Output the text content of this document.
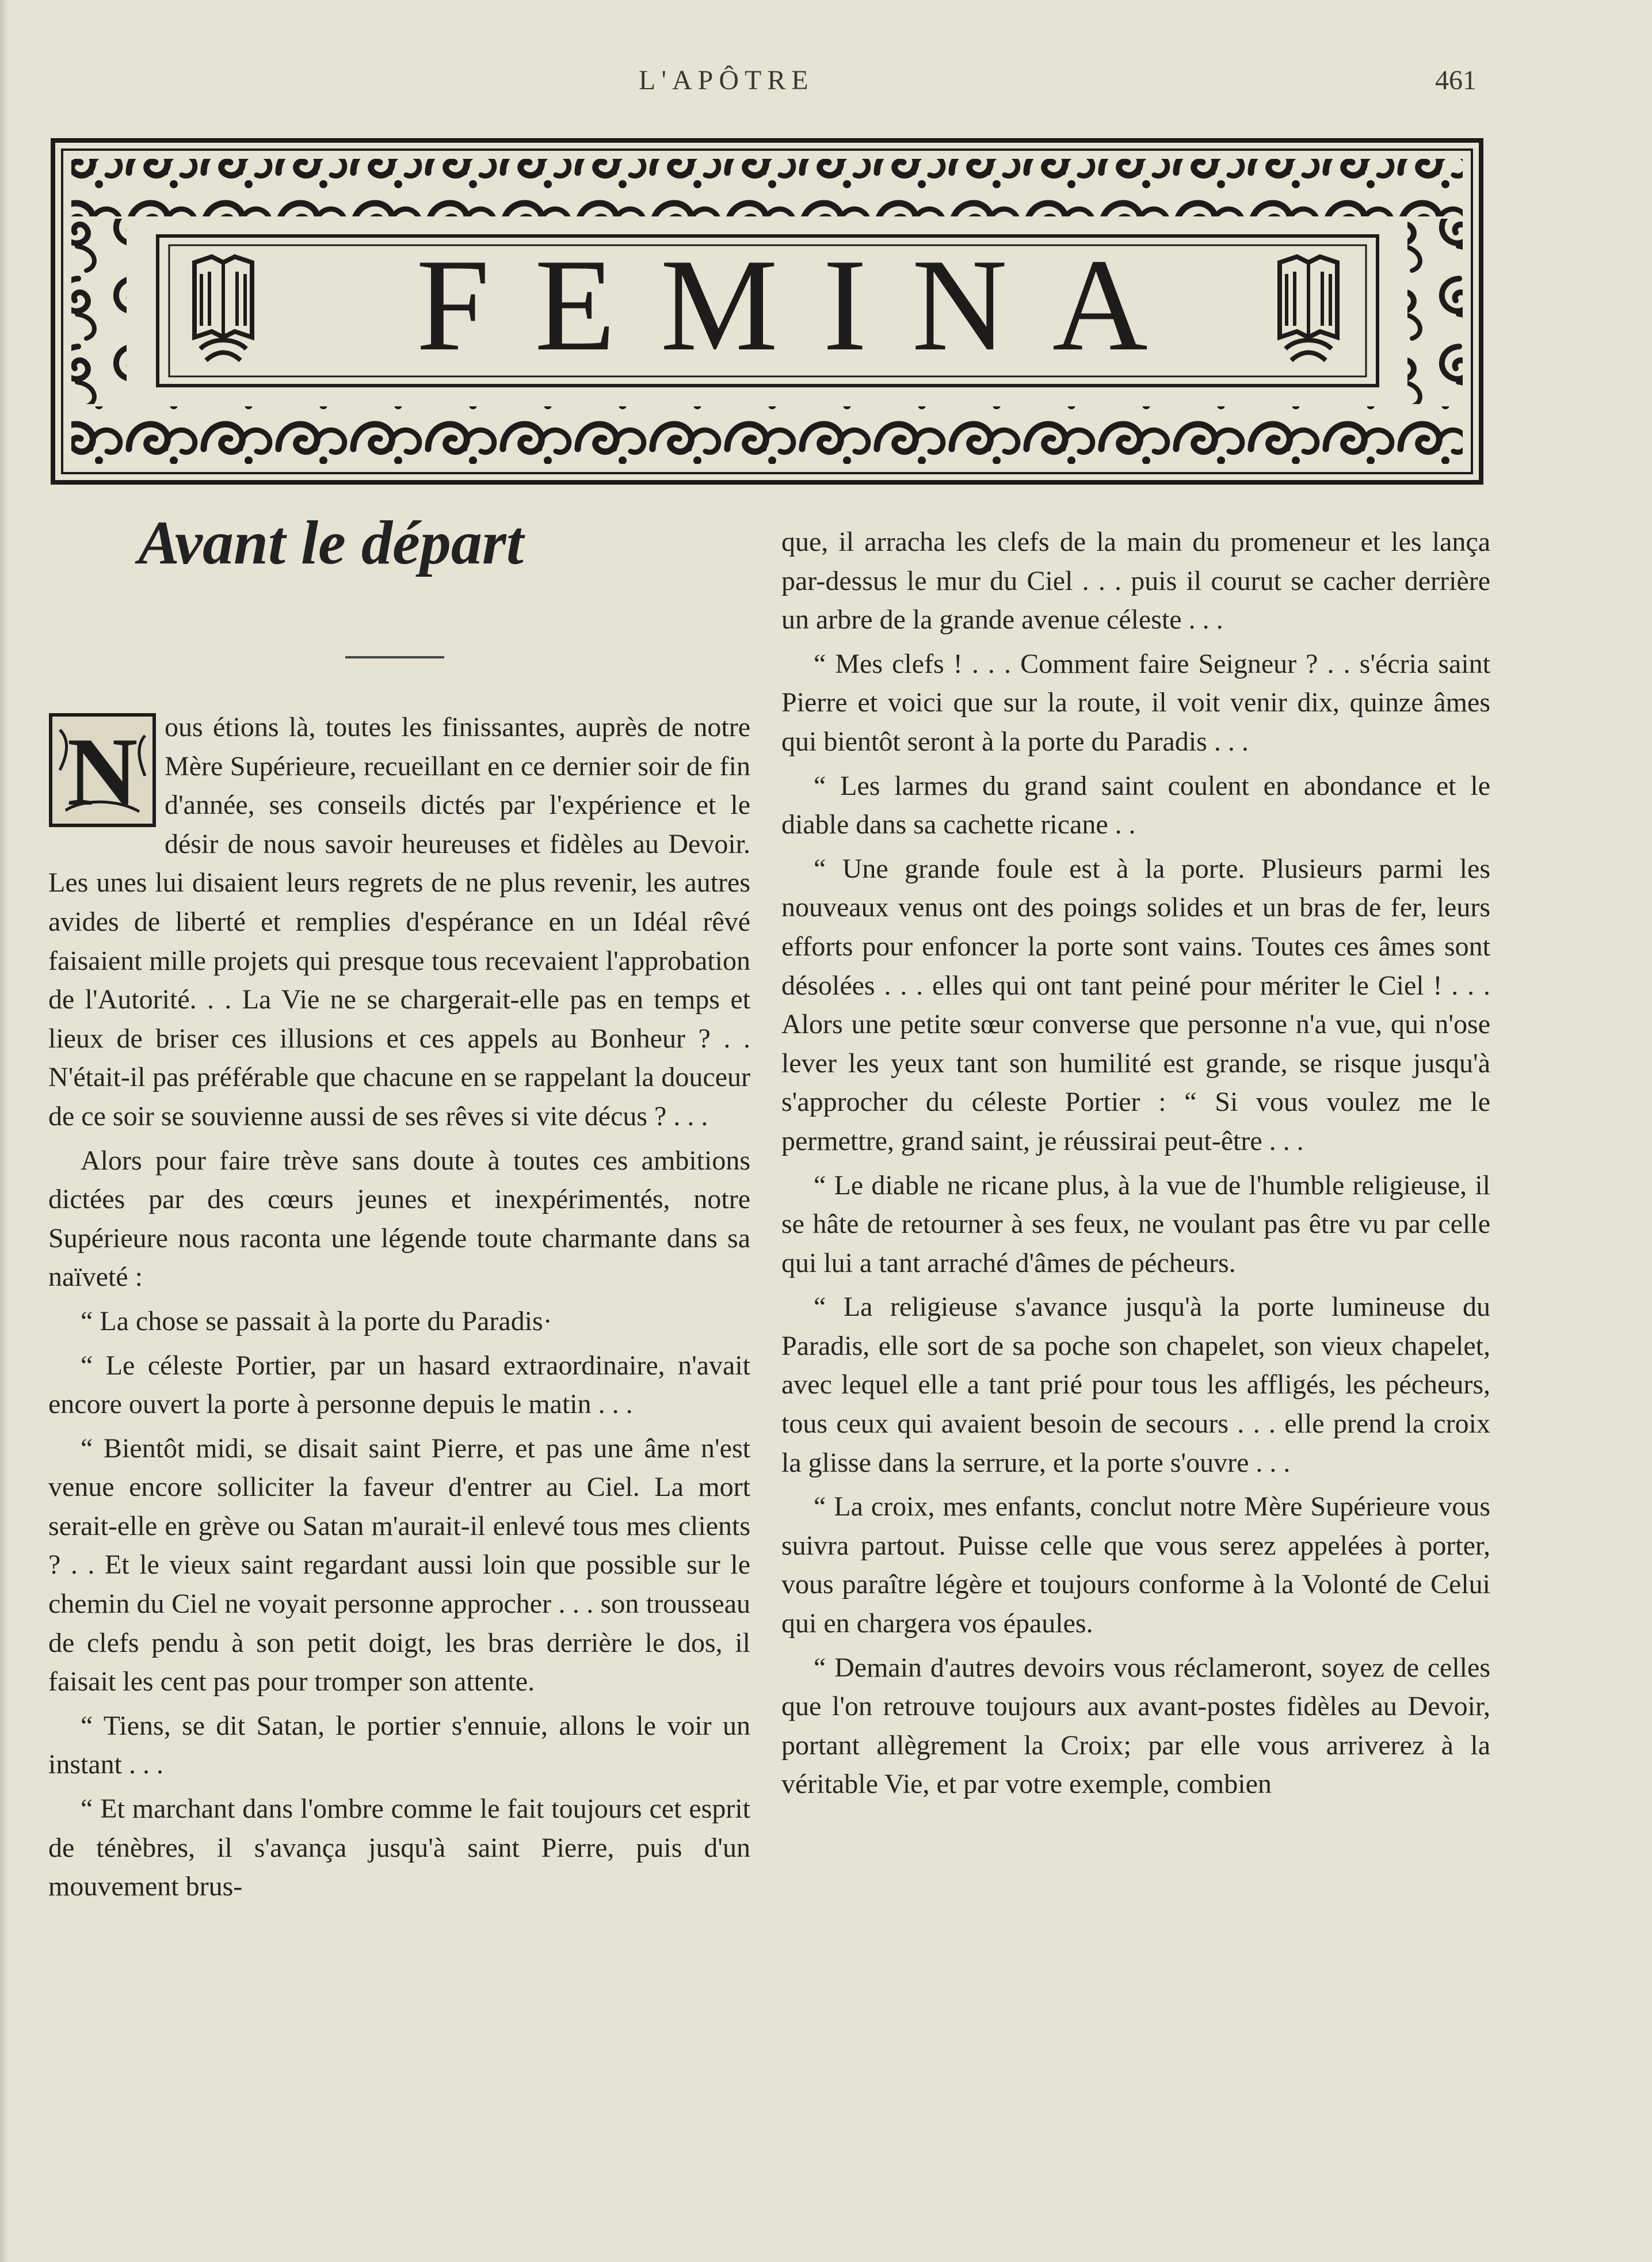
L'APÔTRE	461
FEMINA
Avant le départ

N ous étions là, toutes les finissantes, auprès de notre Mère Supérieure, recueillant en ce dernier soir de fin d'année, ses conseils dictés par l'expérience et le désir de nous savoir heureuses et fidèles au Devoir. Les unes lui disaient leurs regrets de ne plus revenir, les autres avides de liberté et remplies d'espérance en un Idéal rêvé faisaient mille projets qui presque tous recevaient l'approbation de l'Autorité. . . La Vie ne se chargerait-elle pas en temps et lieux de briser ces illusions et ces appels au Bonheur ? . . N'était-il pas préférable que chacune en se rappelant la douceur de ce soir se souvienne aussi de ses rêves si vite décus ? . . .

Alors pour faire trève sans doute à toutes ces ambitions dictées par des cœurs jeunes et inexpérimentés, notre Supérieure nous raconta une légende toute charmante dans sa naïveté :

“ La chose se passait à la porte du Paradis·

“ Le céleste Portier, par un hasard extraordinaire, n'avait encore ouvert la porte à personne depuis le matin . . .

“ Bientôt midi, se disait saint Pierre, et pas une âme n'est venue encore solliciter la faveur d'entrer au Ciel. La mort serait-elle en grève ou Satan m'aurait-il enlevé tous mes clients ? . . Et le vieux saint regardant aussi loin que possible sur le chemin du Ciel ne voyait personne approcher . . . son trousseau de clefs pendu à son petit doigt, les bras derrière le dos, il faisait les cent pas pour tromper son attente.

“ Tiens, se dit Satan, le portier s'ennuie, allons le voir un instant . . .

“ Et marchant dans l'ombre comme le fait toujours cet esprit de ténèbres, il s'avança jusqu'à saint Pierre, puis d'un mouvement brus-

que, il arracha les clefs de la main du promeneur et les lança par-dessus le mur du Ciel . . . puis il courut se cacher derrière un arbre de la grande avenue céleste . . .

“ Mes clefs ! . . . Comment faire Seigneur ? . . s'écria saint Pierre et voici que sur la route, il voit venir dix, quinze âmes qui bientôt seront à la porte du Paradis . . .

“ Les larmes du grand saint coulent en abondance et le diable dans sa cachette ricane . .

“ Une grande foule est à la porte. Plusieurs parmi les nouveaux venus ont des poings solides et un bras de fer, leurs efforts pour enfoncer la porte sont vains. Toutes ces âmes sont désolées . . . elles qui ont tant peiné pour mériter le Ciel ! . . . Alors une petite sœur converse que personne n'a vue, qui n'ose lever les yeux tant son humilité est grande, se risque jusqu'à s'approcher du céleste Portier : “ Si vous voulez me le permettre, grand saint, je réussirai peut-être . . .

“ Le diable ne ricane plus, à la vue de l'humble religieuse, il se hâte de retourner à ses feux, ne voulant pas être vu par celle qui lui a tant arraché d'âmes de pécheurs.

“ La religieuse s'avance jusqu'à la porte lumineuse du Paradis, elle sort de sa poche son chapelet, son vieux chapelet, avec lequel elle a tant prié pour tous les affligés, les pécheurs, tous ceux qui avaient besoin de secours . . . elle prend la croix la glisse dans la serrure, et la porte s'ouvre . . .

“ La croix, mes enfants, conclut notre Mère Supérieure vous suivra partout. Puisse celle que vous serez appelées à porter, vous paraître légère et toujours conforme à la Volonté de Celui qui en chargera vos épaules.

“ Demain d'autres devoirs vous réclameront, soyez de celles que l'on retrouve toujours aux avant-postes fidèles au Devoir, portant allègrement la Croix; par elle vous arriverez à la véritable Vie, et par votre exemple, combien
